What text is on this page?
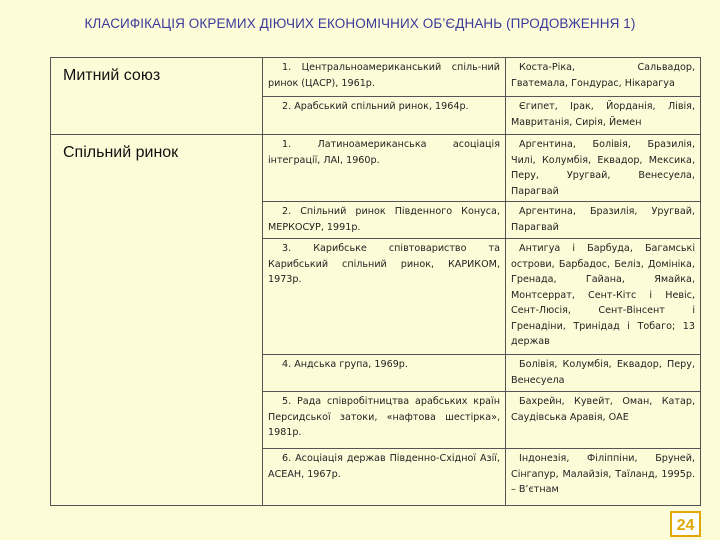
КЛАСИФІКАЦІЯ ОКРЕМИХ ДІЮЧИХ ЕКОНОМІЧНИХ ОБ’ЄДНАНЬ (ПРОДОВЖЕННЯ 1)
Митний союз	1. Центральноамериканський спіль-ний ринок (ЦАСР), 1961р.	Коста-Ріка, Сальвадор, Гватемала, Гондурас, Нікарагуа
	2. Арабський спільний ринок, 1964р.	Єгипет, Ірак, Йорданія, Лівія, Мавританія, Сирія, Йемен
Спільний ринок	1. Латиноамериканська асоціація інтеграції, ЛАІ, 1960р.	Аргентина, Болівія, Бразилія, Чилі, Колумбія, Еквадор, Мексика, Перу, Уругвай, Венесуела, Парагвай
	2. Спільний ринок Південного Конуса, МЕРКОСУР, 1991р.	Аргентина, Бразилія, Уругвай, Парагвай
	3. Карибське співтовариство та Карибський спільний ринок, КАРИКОМ, 1973р.	Антигуа і Барбуда, Багамські острови, Барбадос, Беліз, Домініка, Гренада, Гайана, Ямайка, Монтсеррат, Сент-Кітс і Невіс, Сент-Люсія, Сент-Вінсент і Гренадіни, Тринідад і Тобаго; 13 держав
	4. Андська група, 1969р.	Болівія, Колумбія, Еквадор, Перу, Венесуела
	5. Рада співробітництва арабських країн Персидської затоки, «нафтова шестірка», 1981р.	Бахрейн, Кувейт, Оман, Катар, Саудівська Аравія, ОАЕ
	6. Асоціація держав Південно-Східної Азії, АСЕАН, 1967р.	Індонезія, Філіппіни, Бруней, Сінгапур, Малайзія, Таїланд, 1995р. – В’єтнам
24
